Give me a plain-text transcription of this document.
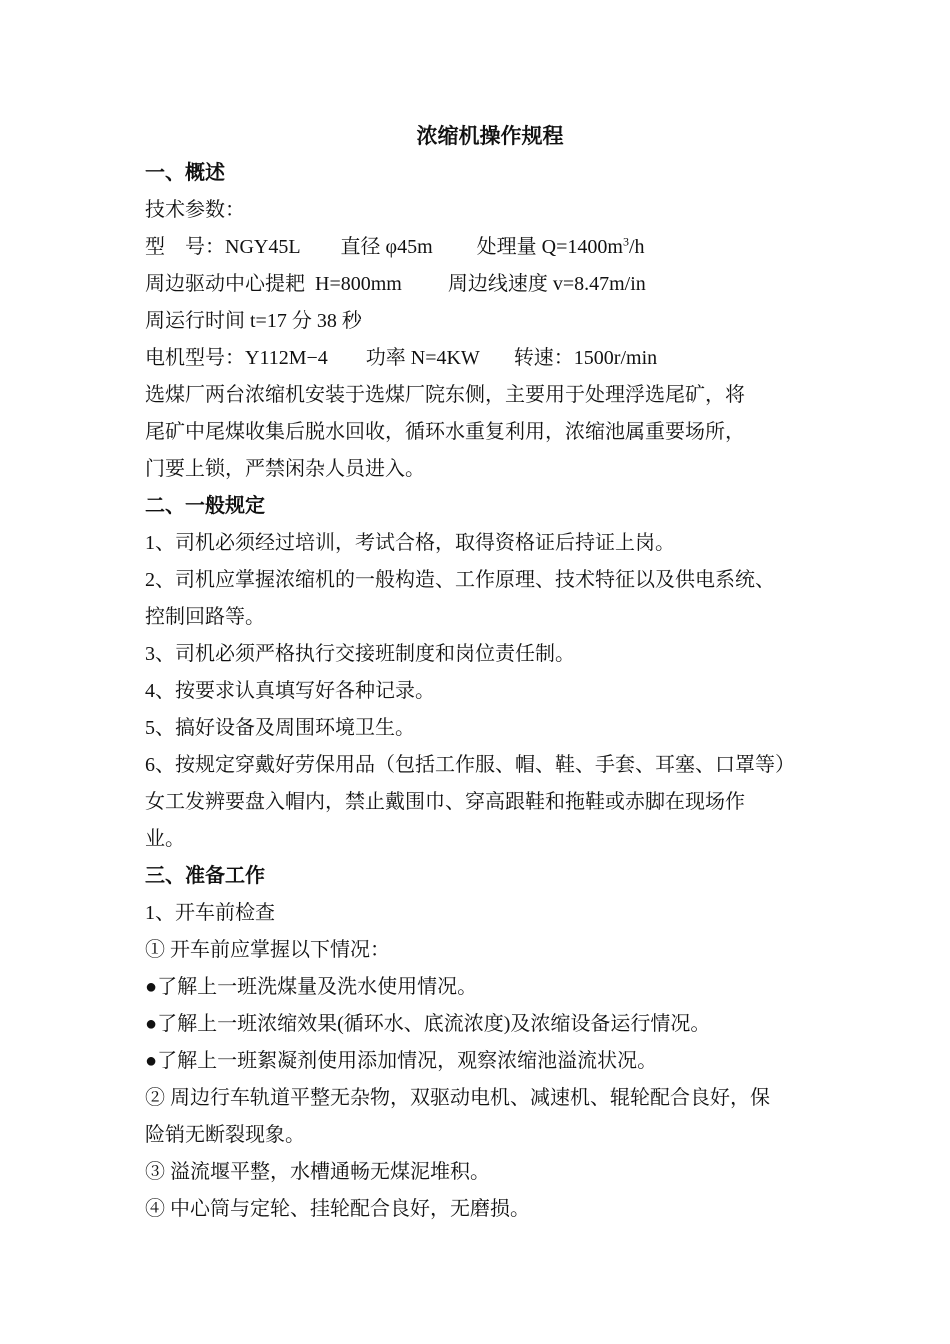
浓缩机操作规程

一、概述

技术参数：

型 号：NGY45L 直径 φ45m 处理量 $Q=1400m^3/h$

周边驱动中心提耙 H=800mm 周边线速度 v=8.47m/in

周运行时间 t=17 分 38 秒

电机型号：Y112M−4 功率 N=4KW 转速：1500r/min

选煤厂两台浓缩机安装于选煤厂院东侧，主要用于处理浮选尾矿，将

尾矿中尾煤收集后脱水回收，循环水重复利用，浓缩池属重要场所，

门要上锁，严禁闲杂人员进入。

二、一般规定

1、司机必须经过培训，考试合格，取得资格证后持证上岗。

2、司机应掌握浓缩机的一般构造、工作原理、技术特征以及供电系统、

控制回路等。

3、司机必须严格执行交接班制度和岗位责任制。

4、按要求认真填写好各种记录。

5、搞好设备及周围环境卫生。

6、按规定穿戴好劳保用品（包括工作服、帽、鞋、手套、耳塞、口罩等）

女工发辨要盘入帽内，禁止戴围巾、穿高跟鞋和拖鞋或赤脚在现场作

业。

三、准备工作

1、开车前检查

① 开车前应掌握以下情况：

●了解上一班洗煤量及洗水使用情况。

●了解上一班浓缩效果(循环水、底流浓度)及浓缩设备运行情况。

●了解上一班絮凝剂使用添加情况，观察浓缩池溢流状况。

② 周边行车轨道平整无杂物，双驱动电机、减速机、辊轮配合良好，保

险销无断裂现象。

③ 溢流堰平整，水槽通畅无煤泥堆积。

④ 中心筒与定轮、挂轮配合良好，无磨损。
